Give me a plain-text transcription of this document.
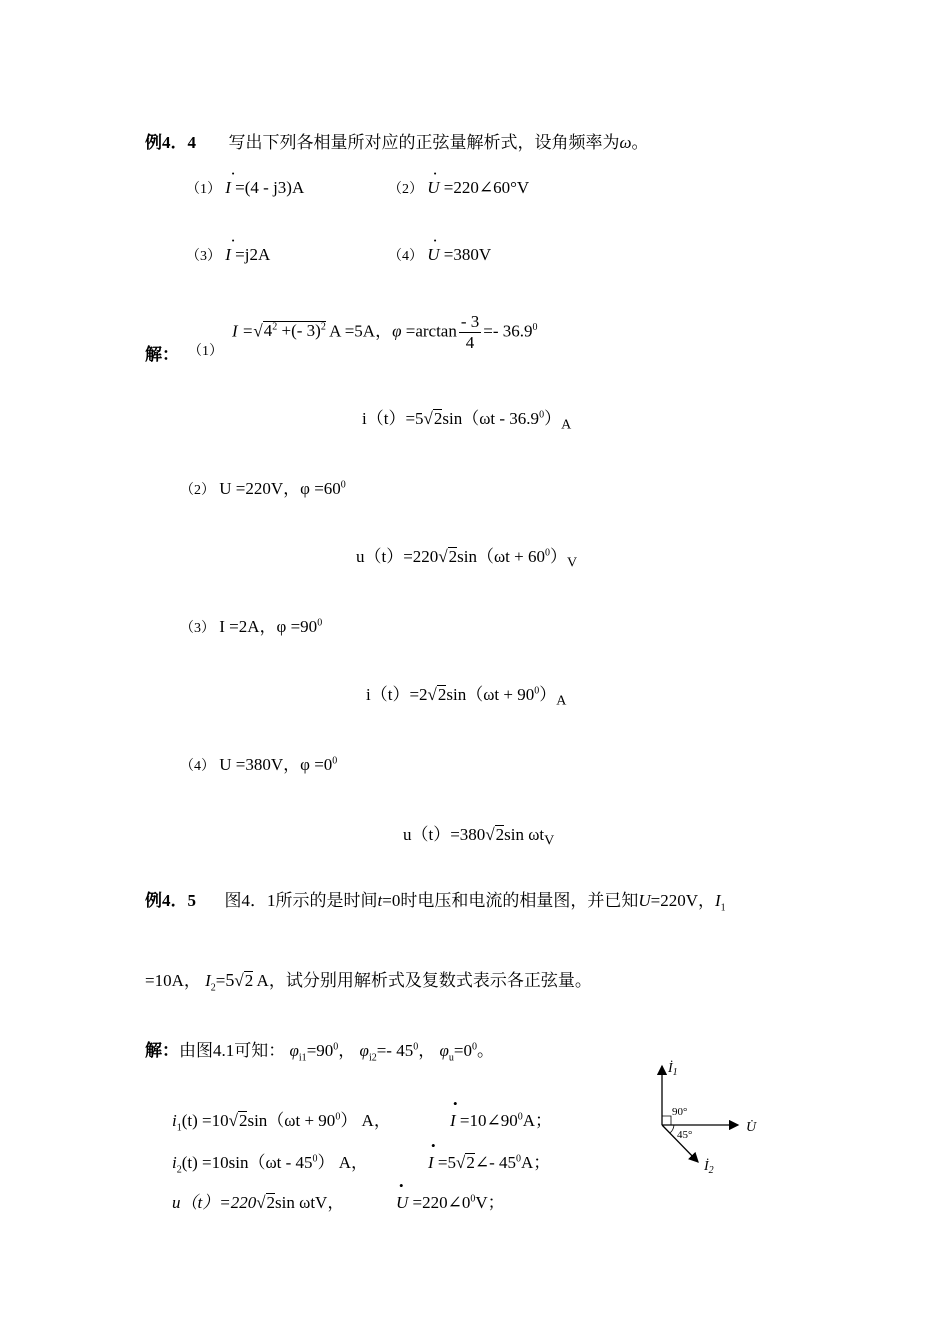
例4．4 写出下列各相量所对应的正弦量解析式，设角频率为ω。
（1） · I =(4 - j3)A	（2） · U =220∠60°V
（3） · I =j2A	（4） · U =380V
解： （1）
$I =√4^2$ +(- 3)$^2$ A =5A，$\varphi =\arctan \frac{- 3}{4} =- 36.9^0$
$i(t)=5√2\sin(\omega t - 36.9^0)_A$
（2） U =220V，$\varphi =60^0$
$u(t)=220√2\sin(\omega t + 60^0)_V$
（3） I =2A，$\varphi =90^0$
$i(t)=2√2\sin(\omega t + 90^0)_A$
（4） U =380V，$\varphi =0^0$
u（t）=380√2sin $\omega t_V$
例4．5 图4．1所示的是时间t=0时电压和电流的相量图，并已知U=220V，$I_1$
=10A， $I_2=5√2$ A，试分别用解析式及复数式表示各正弦量。
解：由图4.1可知： $\varphi_{i1}=90^0$， $\varphi_{i2}=-$ $45^0$， $\varphi_u=0^0$。
$i_1(t) =10√2\sin(\omega t + 90^0)$ A，	• $I =10\angle 90^0A$；
$i_2(t) =10\sin(\omega t - 45^0)$ A，	• I =5√2∠- $45^0A$；
u（t）=220√2sin ωtV，	• $U =220\angle 0^0V$；
$İ_1$
U̇
$İ_2$
90°
45°
